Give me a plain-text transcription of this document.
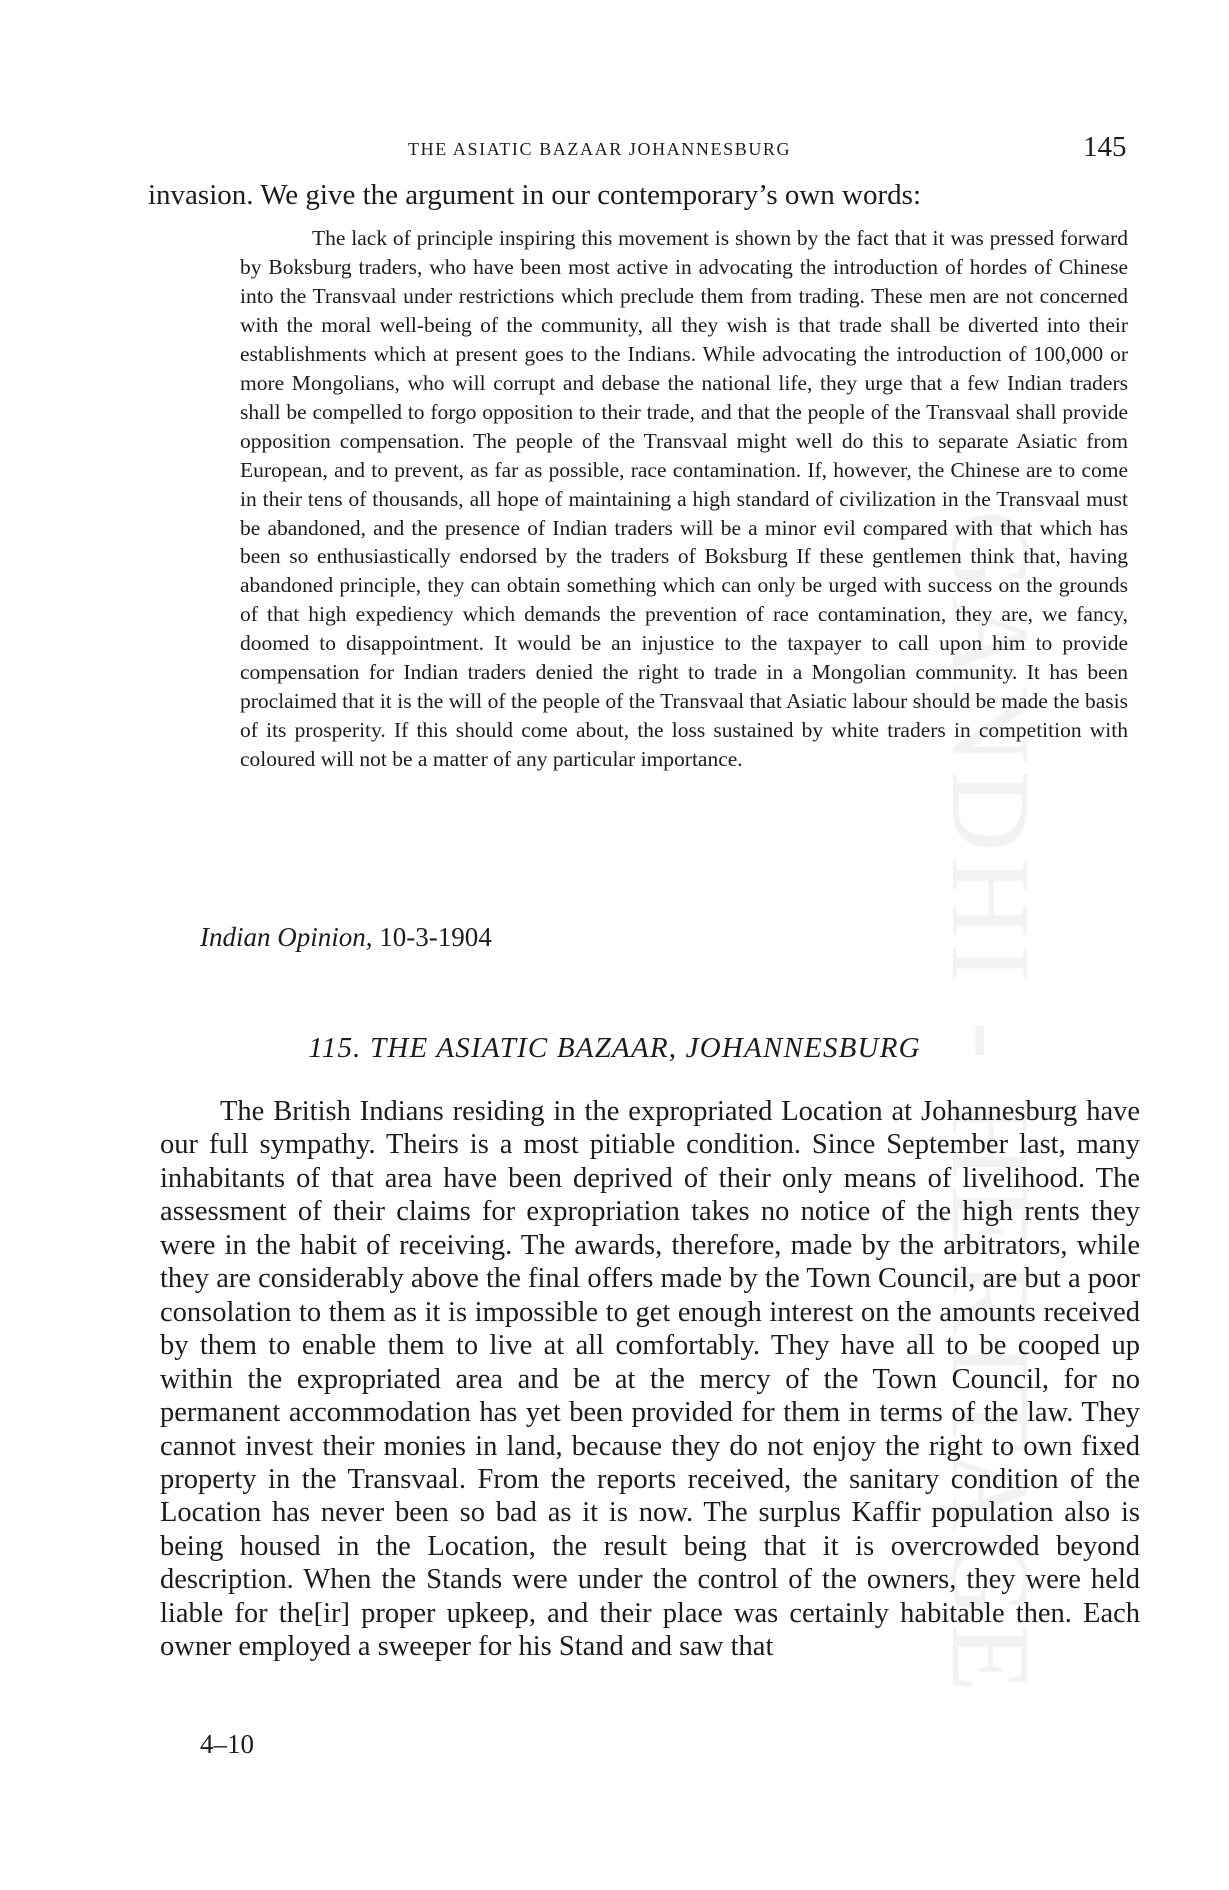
GANDHI - HERITAGE
THE ASIATIC BAZAAR JOHANNESBURG	145
invasion. We give the argument in our contemporary’s own words:

The lack of principle inspiring this movement is shown by the fact that it was pressed forward by Boksburg traders, who have been most active in advocating the introduction of hordes of Chinese into the Transvaal under restrictions which preclude them from trading. These men are not concerned with the moral well-being of the community, all they wish is that trade shall be diverted into their establishments which at present goes to the Indians. While advocating the introduction of 100,000 or more Mongolians, who will corrupt and debase the national life, they urge that a few Indian traders shall be compelled to forgo opposition to their trade, and that the people of the Transvaal shall provide opposition compensation. The people of the Transvaal might well do this to separate Asiatic from European, and to prevent, as far as possible, race contamination. If, however, the Chinese are to come in their tens of thousands, all hope of maintaining a high standard of civilization in the Transvaal must be abandoned, and the presence of Indian traders will be a minor evil compared with that which has been so enthusiastically endorsed by the traders of Boksburg If these gentlemen think that, having abandoned principle, they can obtain something which can only be urged with success on the grounds of that high expediency which demands the prevention of race contamination, they are, we fancy, doomed to disappointment. It would be an injustice to the taxpayer to call upon him to provide compensation for Indian traders denied the right to trade in a Mongolian community. It has been proclaimed that it is the will of the people of the Transvaal that Asiatic labour should be made the basis of its prosperity. If this should come about, the loss sustained by white traders in competition with coloured will not be a matter of any particular importance.

Indian Opinion, 10-3-1904
115. THE ASIATIC BAZAAR, JOHANNESBURG

The British Indians residing in the expropriated Location at Johannesburg have our full sympathy. Theirs is a most pitiable condition. Since September last, many inhabitants of that area have been deprived of their only means of livelihood. The assessment of their claims for expropriation takes no notice of the high rents they were in the habit of receiving. The awards, therefore, made by the arbitrators, while they are considerably above the final offers made by the Town Council, are but a poor consolation to them as it is impossible to get enough interest on the amounts received by them to enable them to live at all comfortably. They have all to be cooped up within the expropriated area and be at the mercy of the Town Council, for no permanent accommodation has yet been provided for them in terms of the law. They cannot invest their monies in land, because they do not enjoy the right to own fixed property in the Transvaal. From the reports received, the sanitary condition of the Location has never been so bad as it is now. The surplus Kaffir population also is being housed in the Location, the result being that it is overcrowded beyond description. When the Stands were under the control of the owners, they were held liable for the[ir] proper upkeep, and their place was certainly habitable then. Each owner employed a sweeper for his Stand and saw that

4–10
